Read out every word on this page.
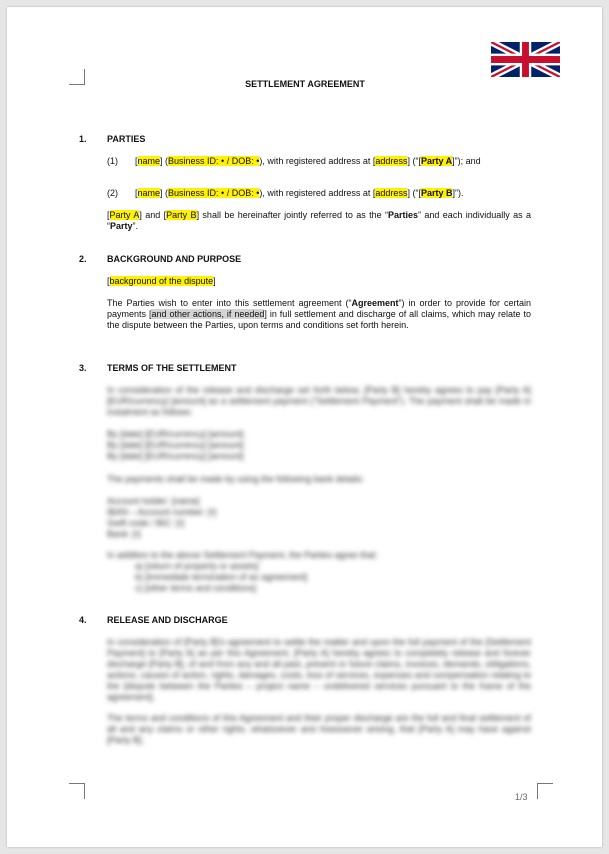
SETTLEMENT AGREEMENT
1. PARTIES
(1) [name] (Business ID: • / DOB: •), with registered address at [address] (“[Party A]”); and
(2) [name] (Business ID: • / DOB: •), with registered address at [address] (“[Party B]”).
[Party A] and [Party B] shall be hereinafter jointly referred to as the “Parties” and each individually as a “Party”.
2. BACKGROUND AND PURPOSE
[background of the dispute]
The Parties wish to enter into this settlement agreement (“Agreement”) in order to provide for certain payments [and other actions, if needed] in full settlement and discharge of all claims, which may relate to the dispute between the Parties, upon terms and conditions set forth herein.
3. TERMS OF THE SETTLEMENT
In consideration of the release and discharge set forth below, [Party B] hereby agrees to pay [Party A] [EUR/currency] [amount] as a settlement payment (“Settlement Payment”). The payment shall be made in instalment as follows:
By [date] [EUR/currency] [amount]
By [date] [EUR/currency] [amount]
By [date] [EUR/currency] [amount]
The payments shall be made by using the following bank details:
Account holder: [name]
IBAN – Account number: [•]
Swift code / BIC: [•]
Bank: [•]
In addition to the above Settlement Payment, the Parties agree that:
a) [return of property or assets]
b) [immediate termination of an agreement]
c) [other terms and conditions]
4. RELEASE AND DISCHARGE
In consideration of [Party B]'s agreement to settle the matter and upon the full payment of the [Settlement Payment] to [Party A] as per this Agreement, [Party A] hereby agrees to completely release and forever discharge [Party B], of and from any and all past, present or future claims, invoices, demands, obligations, actions, causes of action, rights, damages, costs, loss of services, expenses and compensation relating to the [dispute between the Parties – project name – undelivered services pursuant to the frame of the agreement].
The terms and conditions of this Agreement and their proper discharge are the full and final settlement of all and any claims or other rights, whatsoever and howsoever arising, that [Party A] may have against [Party B].
1/3
